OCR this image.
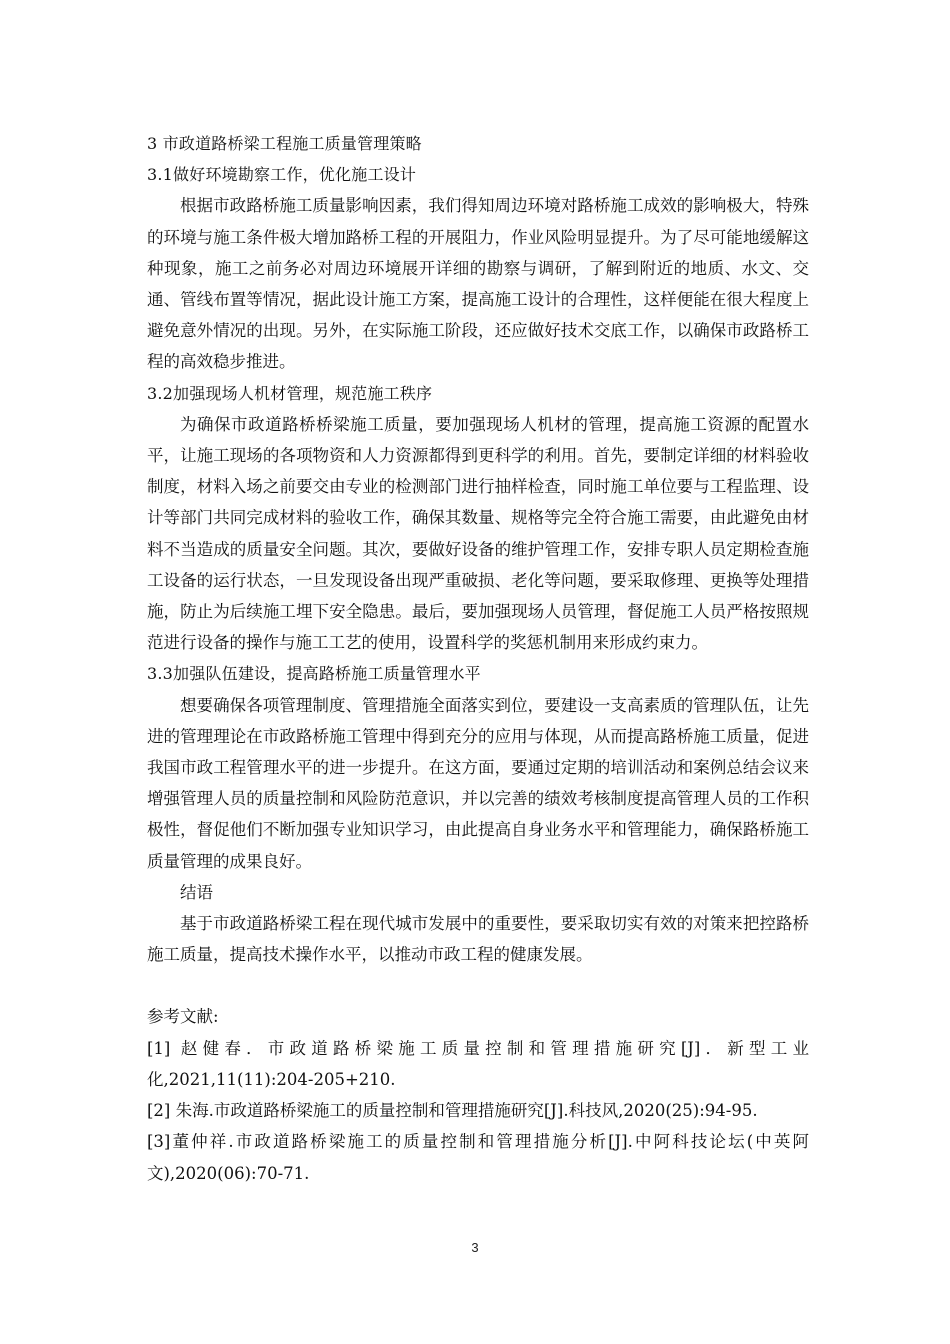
3 市政道路桥梁工程施工质量管理策略

3.1做好环境勘察工作，优化施工设计

根据市政路桥施工质量影响因素，我们得知周边环境对路桥施工成效的影响极大，特殊的环境与施工条件极大增加路桥工程的开展阻力，作业风险明显提升。为了尽可能地缓解这种现象，施工之前务必对周边环境展开详细的勘察与调研，了解到附近的地质、水文、交通、管线布置等情况，据此设计施工方案，提高施工设计的合理性，这样便能在很大程度上避免意外情况的出现。另外，在实际施工阶段，还应做好技术交底工作，以确保市政路桥工程的高效稳步推进。

3.2加强现场人机材管理，规范施工秩序

为确保市政道路桥桥梁施工质量，要加强现场人机材的管理，提高施工资源的配置水平，让施工现场的各项物资和人力资源都得到更科学的利用。首先，要制定详细的材料验收制度，材料入场之前要交由专业的检测部门进行抽样检查，同时施工单位要与工程监理、设计等部门共同完成材料的验收工作，确保其数量、规格等完全符合施工需要，由此避免由材料不当造成的质量安全问题。其次，要做好设备的维护管理工作，安排专职人员定期检查施工设备的运行状态，一旦发现设备出现严重破损、老化等问题，要采取修理、更换等处理措施，防止为后续施工埋下安全隐患。最后，要加强现场人员管理，督促施工人员严格按照规范进行设备的操作与施工工艺的使用，设置科学的奖惩机制用来形成约束力。

3.3加强队伍建设，提高路桥施工质量管理水平

想要确保各项管理制度、管理措施全面落实到位，要建设一支高素质的管理队伍，让先进的管理理论在市政路桥施工管理中得到充分的应用与体现，从而提高路桥施工质量，促进我国市政工程管理水平的进一步提升。在这方面，要通过定期的培训活动和案例总结会议来增强管理人员的质量控制和风险防范意识，并以完善的绩效考核制度提高管理人员的工作积极性，督促他们不断加强专业知识学习，由此提高自身业务水平和管理能力，确保路桥施工质量管理的成果良好。

结语

基于市政道路桥梁工程在现代城市发展中的重要性，要采取切实有效的对策来把控路桥施工质量，提高技术操作水平，以推动市政工程的健康发展。

参考文献:

[1] 赵健春．市政道路桥梁施工质量控制和管理措施研究[J]．新型工业化,2021,11(11):204-205+210.

[2] 朱海.市政道路桥梁施工的质量控制和管理措施研究[J].科技风,2020(25):94-95.

[3]董仲祥.市政道路桥梁施工的质量控制和管理措施分析[J].中阿科技论坛(中英阿文),2020(06):70-71.

3
